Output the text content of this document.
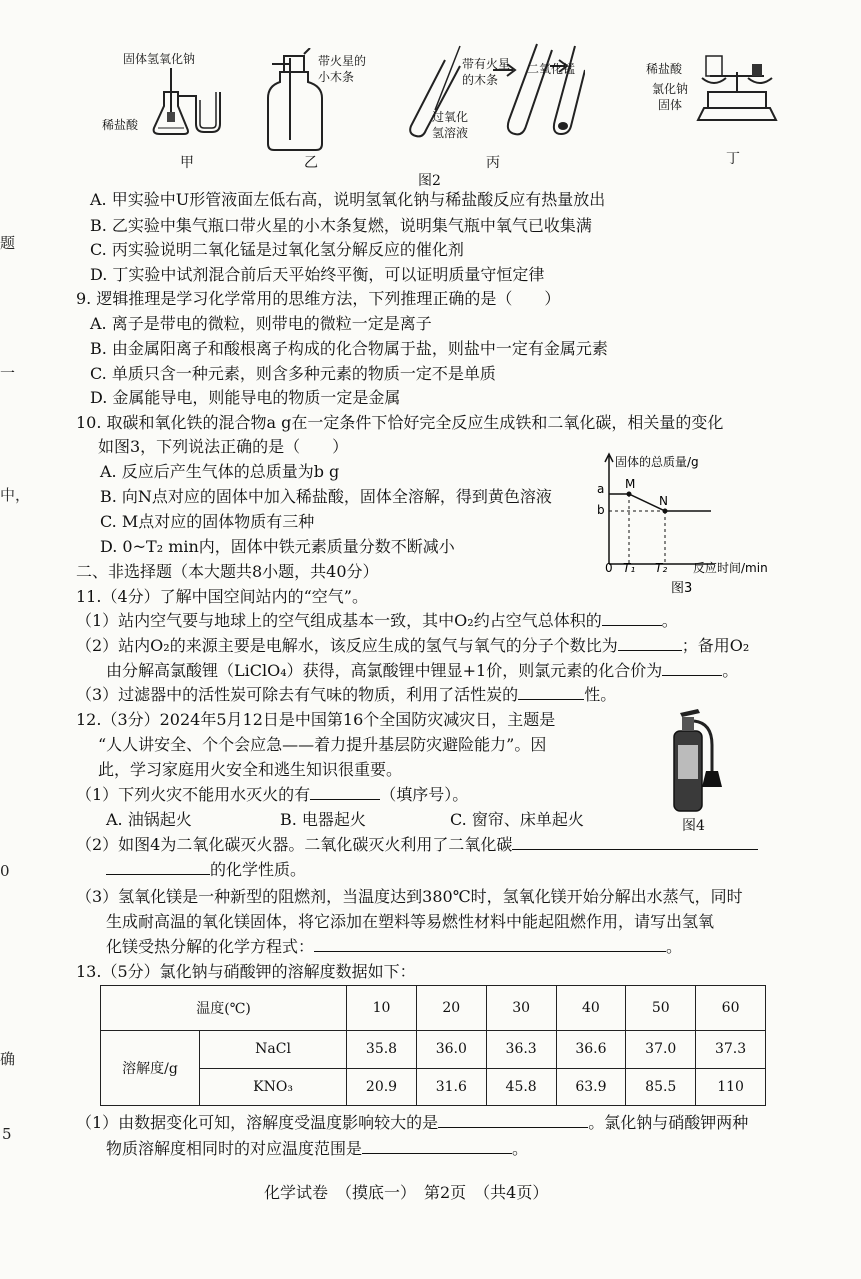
题
一
中，
0
确
5
固体氢氧化钠
稀盐酸
甲
带火星的
小木条
乙
带有火星
的木条
二氧化锰
过氧化
氢溶液
丙
稀盐酸
氯化钠
固体
丁
图2
A. 甲实验中U形管液面左低右高，说明氢氧化钠与稀盐酸反应有热量放出
B. 乙实验中集气瓶口带火星的小木条复燃，说明集气瓶中氧气已收集满
C. 丙实验说明二氧化锰是过氧化氢分解反应的催化剂
D. 丁实验中试剂混合前后天平始终平衡，可以证明质量守恒定律
9. 逻辑推理是学习化学常用的思维方法，下列推理正确的是（　　）
A. 离子是带电的微粒，则带电的微粒一定是离子
B. 由金属阳离子和酸根离子构成的化合物属于盐，则盐中一定有金属元素
C. 单质只含一种元素，则含多种元素的物质一定不是单质
D. 金属能导电，则能导电的物质一定是金属
10. 取碳和氧化铁的混合物a g在一定条件下恰好完全反应生成铁和二氧化碳，相关量的变化
如图3，下列说法正确的是（　　）
A. 反应后产生气体的总质量为b g
B. 向N点对应的固体中加入稀盐酸，固体全溶解，得到黄色溶液
C. M点对应的固体物质有三种
D. 0~T₂ min内，固体中铁元素质量分数不断减小
固体的总质量/g
反应时间/min
0
a
b
T₁ T₂
M
N
图3
二、非选择题（本大题共8小题，共40分）
11.（4分）了解中国空间站内的“空气”。
（1）站内空气要与地球上的空气组成基本一致，其中O₂约占空气总体积的	。
（2）站内O₂的来源主要是电解水，该反应生成的氢气与氧气的分子个数比为	；备用O₂
由分解高氯酸锂（LiClO₄）获得，高氯酸锂中锂显+1价，则氯元素的化合价为	。
（3）过滤器中的活性炭可除去有气味的物质，利用了活性炭的	性。
12.（3分）2024年5月12日是中国第16个全国防灾减灾日，主题是
“人人讲安全、个个会应急——着力提升基层防灾避险能力”。因
此，学习家庭用火安全和逃生知识很重要。
（1）下列火灾不能用水灭火的有	（填序号）。
A. 油锅起火	B. 电器起火	C. 窗帘、床单起火	图4
（2）如图4为二氧化碳灭火器。二氧化碳灭火利用了二氧化碳
的化学性质。
（3）氢氧化镁是一种新型的阻燃剂，当温度达到380℃时，氢氧化镁开始分解出水蒸气，同时
生成耐高温的氧化镁固体，将它添加在塑料等易燃性材料中能起阻燃作用，请写出氢氧
化镁受热分解的化学方程式：	。
13.（5分）氯化钠与硝酸钾的溶解度数据如下：
温度(℃)		10	20	30	40	50	60
溶解度/g	NaCl	35.8	36.0	36.3	36.6	37.0	37.3
	KNO₃	20.9	31.6	45.8	63.9	85.5	110
（1）由数据变化可知，溶解度受温度影响较大的是	。氯化钠与硝酸钾两种
物质溶解度相同时的对应温度范围是	。
化学试卷　（摸底一）　第2页　（共4页）
